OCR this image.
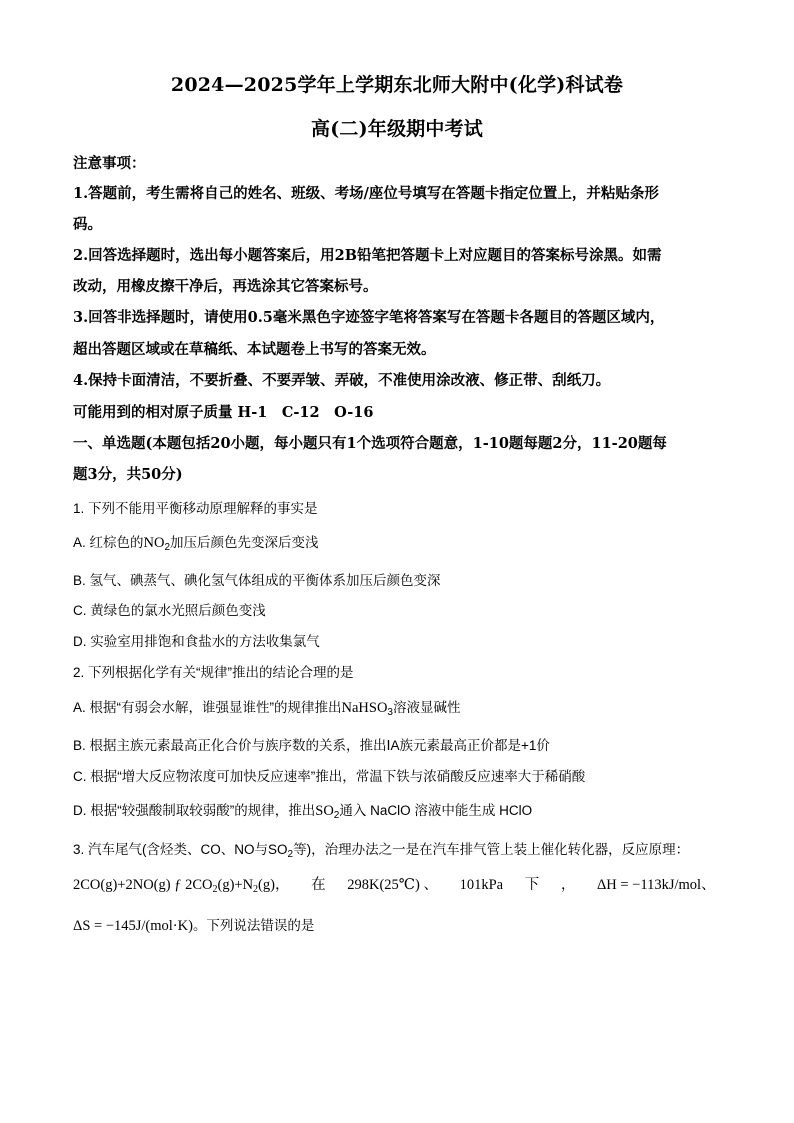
2024—2025学年上学期东北师大附中(化学)科试卷
高(二)年级期中考试
注意事项：
1.答题前，考生需将自己的姓名、班级、考场/座位号填写在答题卡指定位置上，并粘贴条形
码。
2.回答选择题时，选出每小题答案后，用2B铅笔把答题卡上对应题目的答案标号涂黑。如需
改动，用橡皮擦干净后，再选涂其它答案标号。
3.回答非选择题时，请使用0.5毫米黑色字迹签字笔将答案写在答题卡各题目的答题区域内，
超出答题区域或在草稿纸、本试题卷上书写的答案无效。
4.保持卡面清洁，不要折叠、不要弄皱、弄破，不准使用涂改液、修正带、刮纸刀。
可能用到的相对原子质量 H-1　C-12　O-16
一、单选题(本题包括20小题，每小题只有1个选项符合题意，1-10题每题2分，11-20题每
题3分，共50分)
1. 下列不能用平衡移动原理解释的事实是
A. 红棕色的$NO_2$加压后颜色先变深后变浅
B. 氢气、碘蒸气、碘化氢气体组成的平衡体系加压后颜色变深
C. 黄绿色的氯水光照后颜色变浅
D. 实验室用排饱和食盐水的方法收集氯气
2. 下列根据化学有关“规律”推出的结论合理的是
A. 根据“有弱会水解，谁强显谁性”的规律推出NaHSO$_3$溶液显碱性
B. 根据主族元素最高正化合价与族序数的关系，推出ⅠA族元素最高正价都是+1价
C. 根据“增大反应物浓度可加快反应速率”推出，常温下铁与浓硝酸反应速率大于稀硝酸
D. 根据“较强酸制取较弱酸”的规律，推出$SO_2$通入 NaClO 溶液中能生成 HClO
3. 汽车尾气(含烃类、CO、NO与$SO_2$等)，治理办法之一是在汽车排气管上装上催化转化器，反应原理：
2CO(g)+2NO(g) ƒ $2CO_2(g)+N_2(g)$， 在 298K(25℃) 、 101kPa 下 ， ΔH = −113kJ/mol、
ΔS = −145J/(mol·K)。下列说法错误的是
